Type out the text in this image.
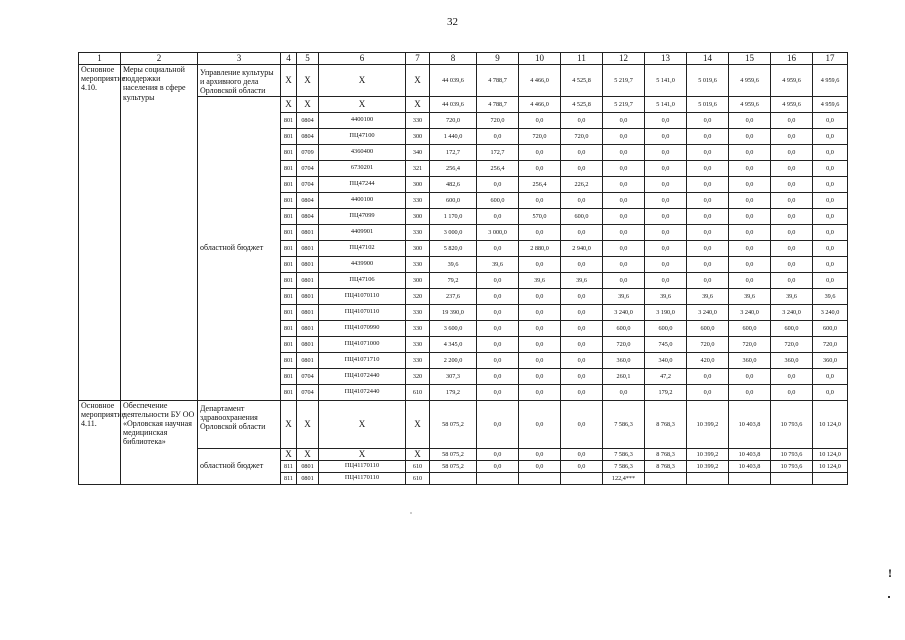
32
1	2	3	4	5	6	7	8	9	10	11	12	13	14	15	16	17
Основное мероприятие 4.10.	Меры социальной поддержки населения в сфере культуры	Управление культуры и архивного дела Орловской области	Х	Х	Х	Х	44 039,6	4 788,7	4 466,0	4 525,8	5 219,7	5 141,0	5 019,6	4 959,6	4 959,6	4 959,6
		областной бюджет	Х	Х	Х	Х	44 039,6	4 788,7	4 466,0	4 525,8	5 219,7	5 141,0	5 019,6	4 959,6	4 959,6	4 959,6
			801	0804	4400100	330	720,0	720,0	0,0	0,0	0,0	0,0	0,0	0,0	0,0	0,0
			801	0804	ПЦ47100	300	1 440,0	0,0	720,0	720,0	0,0	0,0	0,0	0,0	0,0	0,0
			801	0709	4360400	340	172,7	172,7	0,0	0,0	0,0	0,0	0,0	0,0	0,0	0,0
			801	0704	6730201	321	256,4	256,4	0,0	0,0	0,0	0,0	0,0	0,0	0,0	0,0
			801	0704	ПЦ47244	300	482,6	0,0	256,4	226,2	0,0	0,0	0,0	0,0	0,0	0,0
			801	0804	4400100	330	600,0	600,0	0,0	0,0	0,0	0,0	0,0	0,0	0,0	0,0
			801	0804	ПЦ47099	300	1 170,0	0,0	570,0	600,0	0,0	0,0	0,0	0,0	0,0	0,0
			801	0801	4409901	330	3 000,0	3 000,0	0,0	0,0	0,0	0,0	0,0	0,0	0,0	0,0
			801	0801	ПЦ47102	300	5 820,0	0,0	2 880,0	2 940,0	0,0	0,0	0,0	0,0	0,0	0,0
			801	0801	4439900	330	39,6	39,6	0,0	0,0	0,0	0,0	0,0	0,0	0,0	0,0
			801	0801	ПЦ47106	300	79,2	0,0	39,6	39,6	0,0	0,0	0,0	0,0	0,0	0,0
			801	0801	ПЦ41070110	320	237,6	0,0	0,0	0,0	39,6	39,6	39,6	39,6	39,6	39,6
			801	0801	ПЦ41070110	330	19 390,0	0,0	0,0	0,0	3 240,0	3 190,0	3 240,0	3 240,0	3 240,0	3 240,0
			801	0801	ПЦ41070990	330	3 600,0	0,0	0,0	0,0	600,0	600,0	600,0	600,0	600,0	600,0
			801	0801	ПЦ41071000	330	4 345,0	0,0	0,0	0,0	720,0	745,0	720,0	720,0	720,0	720,0
			801	0801	ПЦ41071710	330	2 200,0	0,0	0,0	0,0	360,0	340,0	420,0	360,0	360,0	360,0
			801	0704	ПЦ41072440	320	307,3	0,0	0,0	0,0	260,1	47,2	0,0	0,0	0,0	0,0
			801	0704	ПЦ41072440	610	179,2	0,0	0,0	0,0	0,0	179,2	0,0	0,0	0,0	0,0
Основное мероприятие 4.11.	Обеспечение деятельности БУ ОО «Орловская научная медицинская библиотека»	Департамент здравоохранения Орловской области	Х	Х	Х	Х	58 075,2	0,0	0,0	0,0	7 586,3	8 768,3	10 399,2	10 403,8	10 793,6	10 124,0
		областной бюджет	Х	Х	Х	Х	58 075,2	0,0	0,0	0,0	7 586,3	8 768,3	10 399,2	10 403,8	10 793,6	10 124,0
			811	0801	ПЦ41170110	610	58 075,2	0,0	0,0	0,0	7 586,3	8 768,3	10 399,2	10 403,8	10 793,6	10 124,0
			811	0801	ПЦ41170110	610					122,4***					
!
